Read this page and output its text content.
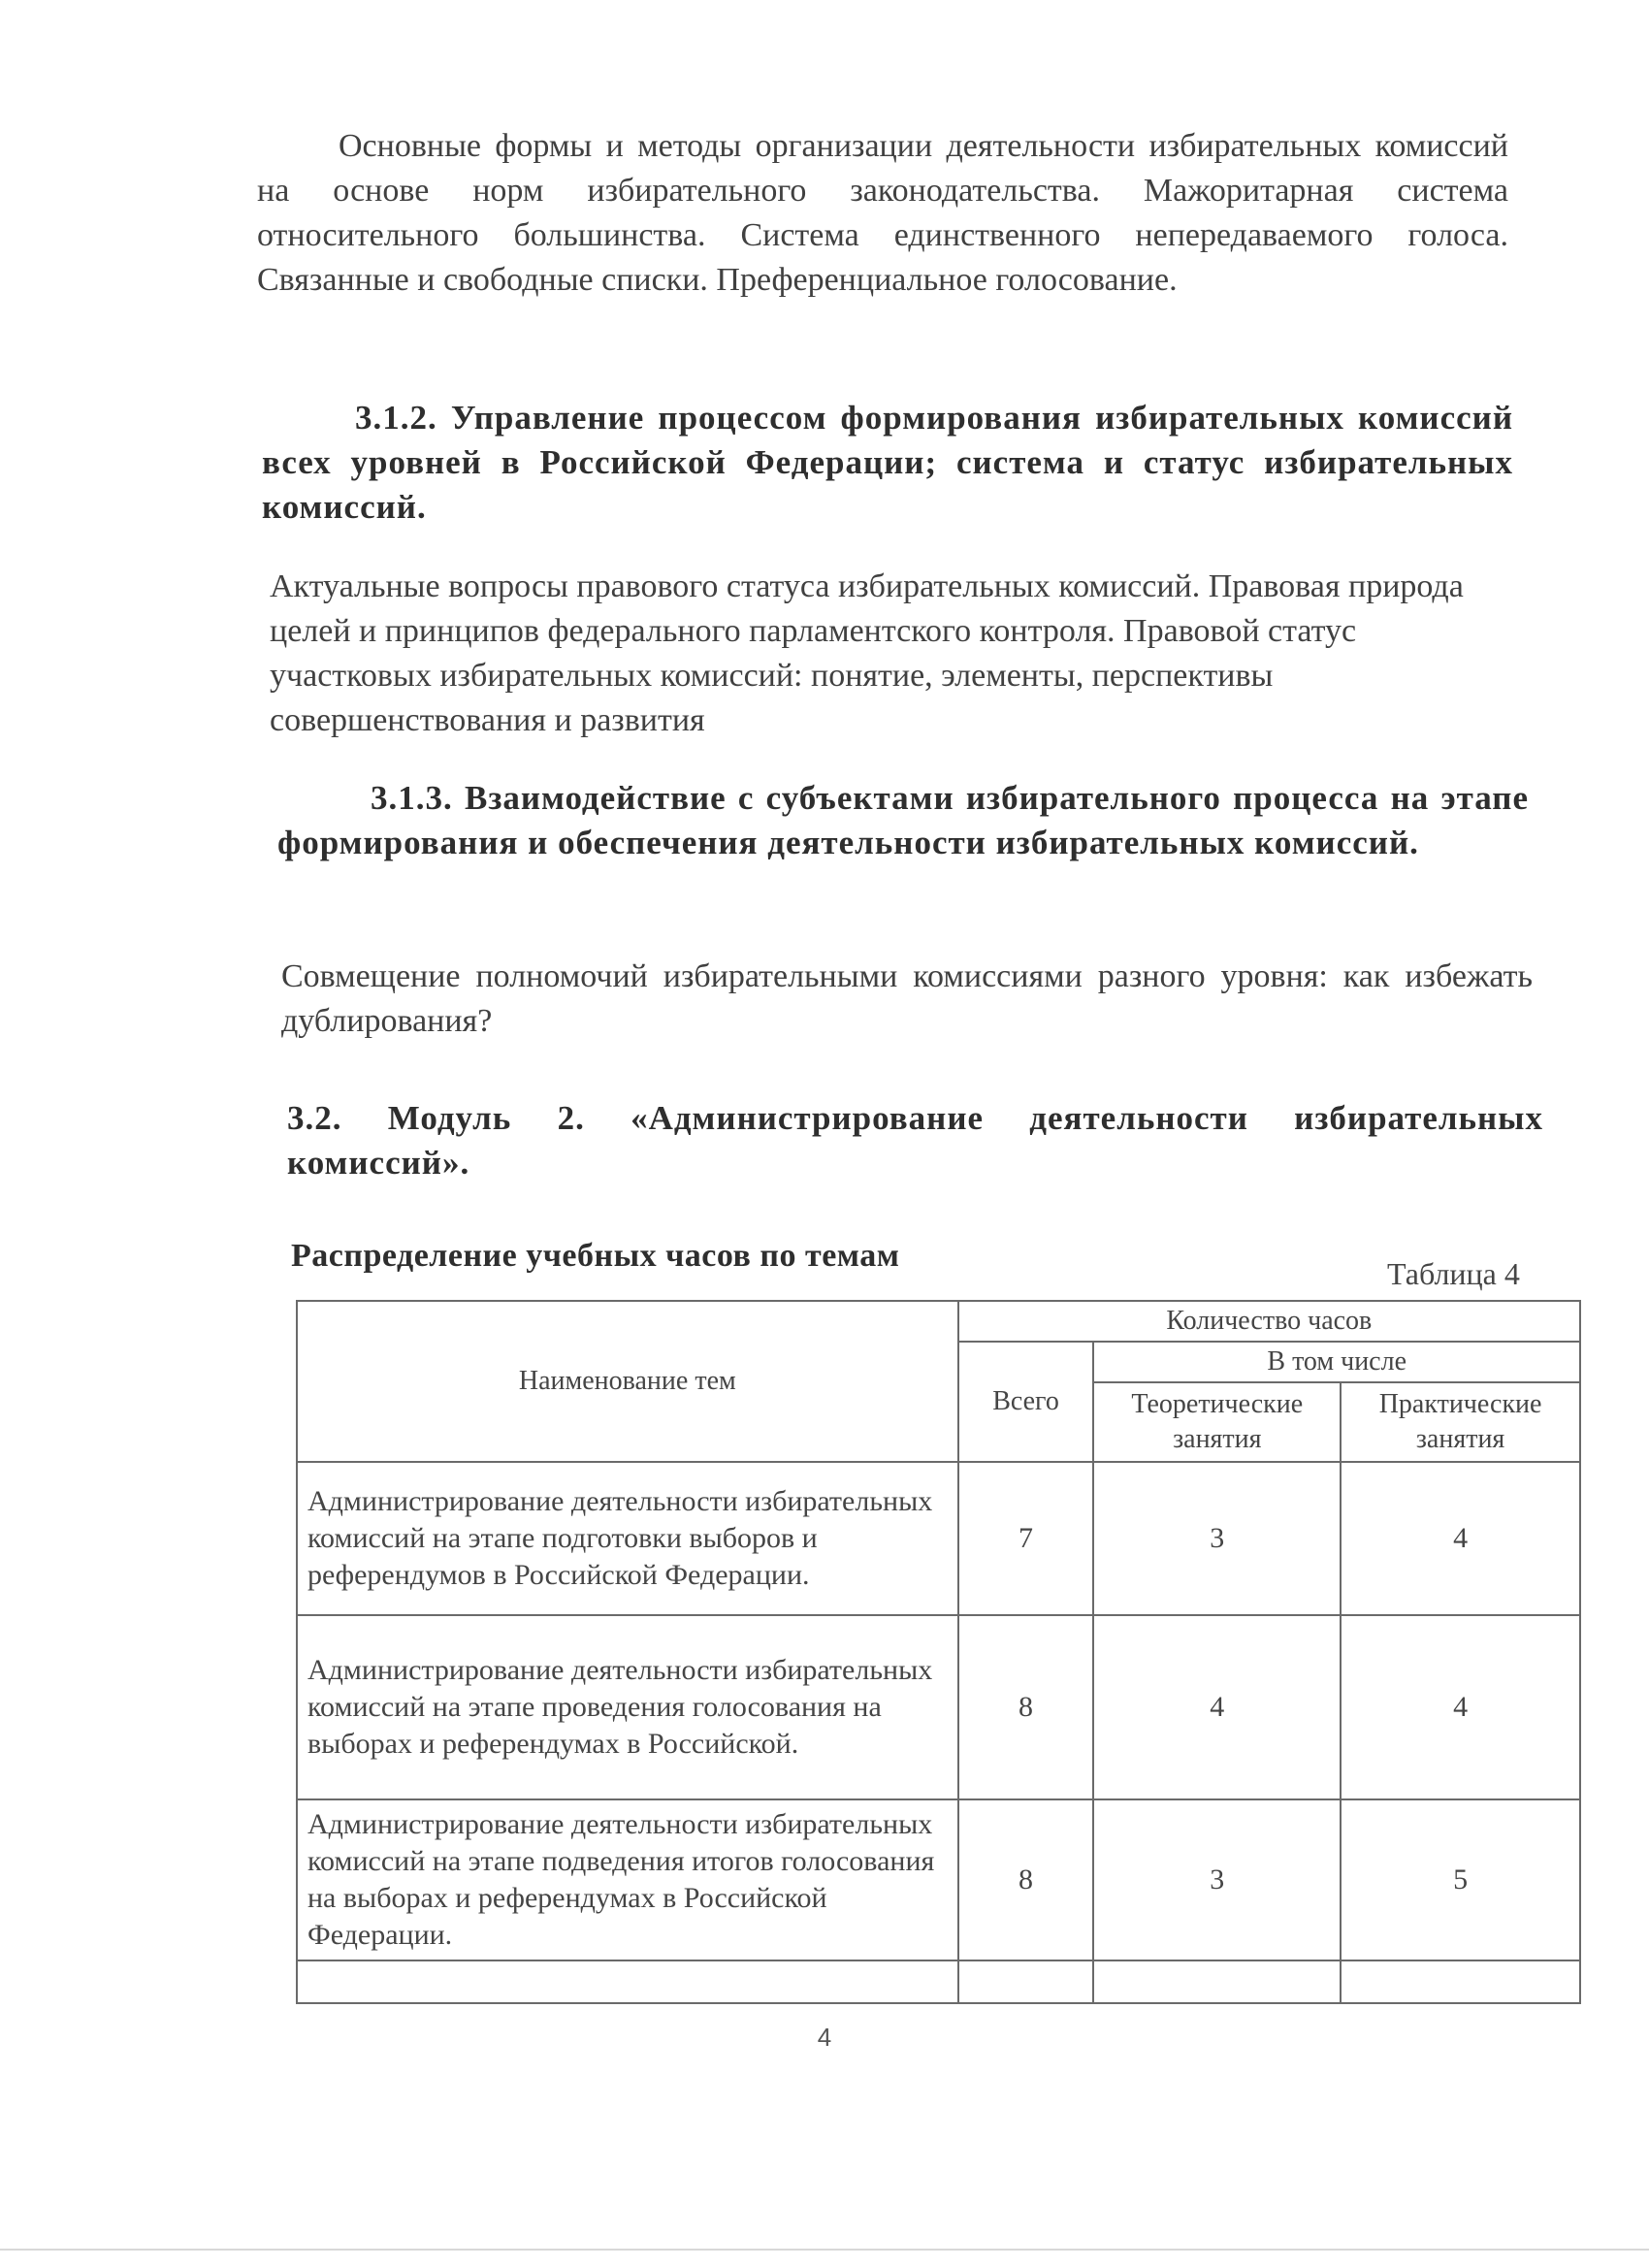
Основные формы и методы организации деятельности избирательных комиссий на основе норм избирательного законодательства. Мажоритарная система относительного большинства. Система единственного непередаваемого голоса. Связанные и свободные списки. Преференциальное голосование.

3.1.2. Управление процессом формирования избирательных комиссий всех уровней в Российской Федерации; система и статус избирательных комиссий.

Актуальные вопросы правового статуса избирательных комиссий. Правовая природа целей и принципов федерального парламентского контроля. Правовой статус участковых избирательных комиссий: понятие, элементы, перспективы совершенствования и развития

3.1.3. Взаимодействие с субъектами избирательного процесса на этапе формирования и обеспечения деятельности избирательных комиссий.

Совмещение полномочий избирательными комиссиями разного уровня: как избежать дублирования?

3.2. Модуль 2. «Администрирование деятельности избирательных комиссий».

Распределение учебных часов по темам	Таблица 4
Наименование тем	Количество часов		
	Всего	В том числе	
		Теоретические занятия	Практические занятия
Администрирование деятельности избирательных комиссий на этапе подготовки выборов и референдумов в Российской Федерации.	7	3	4
Администрирование деятельности избирательных комиссий на этапе проведения голосования на выборах и референдумах в Российской.	8	4	4
Администрирование деятельности избирательных комиссий на этапе подведения итогов голосования на выборах и референдумах в Российской Федерации.	8	3	5

4
